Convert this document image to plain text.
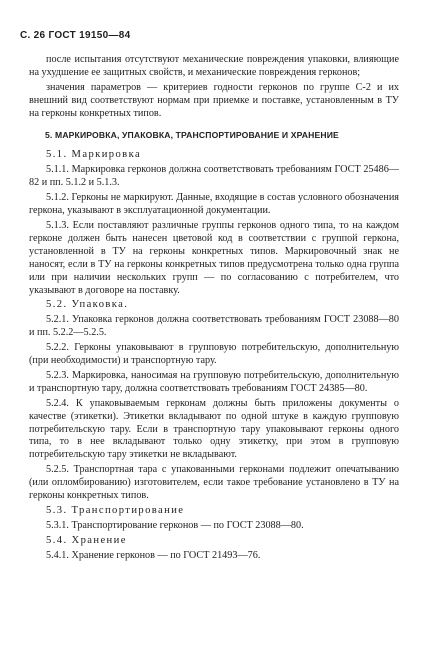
С. 26 ГОСТ 19150—84

после испытания отсутствуют механические повреждения упаковки, влияющие на ухудшение ее защитных свойств, и механические повреждения герконов;

значения параметров — критериев годности герконов по группе С-2 и их внешний вид соответствуют нормам при приемке и поставке, установленным в ТУ на герконы конкретных типов.

5. МАРКИРОВКА, УПАКОВКА, ТРАНСПОРТИРОВАНИЕ И ХРАНЕНИЕ

5.1. Маркировка

5.1.1. Маркировка герконов должна соответствовать требованиям ГОСТ 25486—82 и пп. 5.1.2 и 5.1.3.

5.1.2. Герконы не маркируют. Данные, входящие в состав условного обозначения геркона, указывают в эксплуатационной документации.

5.1.3. Если поставляют различные группы герконов одного типа, то на каждом герконе должен быть нанесен цветовой код в соответствии с группой геркона, установленной в ТУ на герконы конкретных типов. Маркировочный знак не наносят, если в ТУ на герконы конкретных типов предусмотрена только одна группа или при наличии нескольких групп — по согласованию с потребителем, что указывают в договоре на поставку.

5.2. Упаковка.

5.2.1. Упаковка герконов должна соответствовать требованиям ГОСТ 23088—80 и пп. 5.2.2—5.2.5.

5.2.2. Герконы упаковывают в групповую потребительскую, дополнительную (при необходимости) и транспортную тару.

5.2.3. Маркировка, наносимая на групповую потребительскую, дополнительную и транспортную тару, должна соответствовать требованиям ГОСТ 24385—80.

5.2.4. К упаковываемым герконам должны быть приложены документы о качестве (этикетки). Этикетки вкладывают по одной штуке в каждую групповую потребительскую тару. Если в транспортную тару упаковывают герконы одного типа, то в нее вкладывают только одну этикетку, при этом в групповую потребительскую тару этикетки не вкладывают.

5.2.5. Транспортная тара с упакованными герконами подлежит опечатыванию (или опломбированию) изготовителем, если такое требование установлено в ТУ на герконы конкретных типов.

5.3. Транспортирование

5.3.1. Транспортирование герконов — по ГОСТ 23088—80.

5.4. Хранение

5.4.1. Хранение герконов — по ГОСТ 21493—76.
